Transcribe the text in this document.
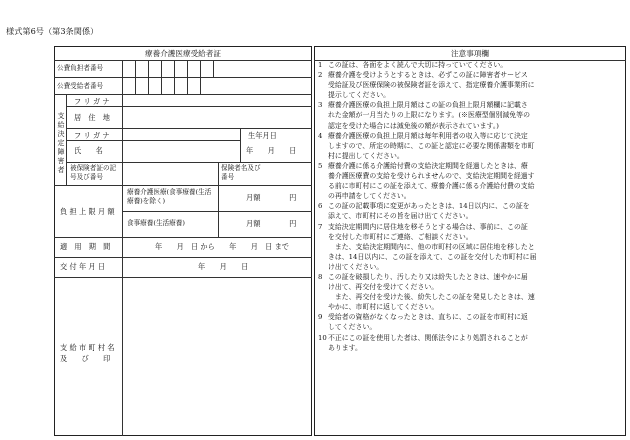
様式第6号（第3条関係）
療養介護医療受給者証
公費負担者番号
公費受給者番号
支給決定障害者
フ リ ガ ナ
居　住　地
フ リ ガ ナ	生年月日
氏　　名	年　　月　　日
被保険者証の記号及び番号
保険者名及び番号
負 担 上 限 月 額
療養介護医療(食事療養(生活療養)を除く)	月額　　　　円
食事療養(生活療養)	月額　　　　円
適　用　期　間	年　　月　日 から　　年　　月　日 まで
交 付 年 月 日	年　　月　　日
支 給 市 町 村 名
及　　び　　印
注意事項欄
1 この証は、各面をよく読んで大切に持っていてください。
2 療養介護を受けようとするときは、必ずこの証に障害者サービス
受給証及び医療保険の被保険者証を添えて、指定療養介護事業所に
提示してください。
3 療養介護医療の負担上限月額はこの証の負担上限月額欄に記載さ
れた金額が一月当たりの上限になります。(※医療型個別減免等の
認定を受けた場合には減免後の額が表示されています。)
4 療養介護医療の負担上限月額は毎年利用者の収入等に応じて決定
しますので、所定の時期に、この証と認定に必要な関係書類を市町
村に提出してください。
5 療養介護に係る介護給付費の支給決定期間を経過したときは、療
養介護医療費の支給を受けられませんので、支給決定期間を経過す
る前に市町村にこの証を添えて、療養介護に係る介護給付費の支給
の再申請をしてください。
6 この証の記載事項に変更があったときは、14日以内に、この証を
添えて、市町村にその旨を届け出てください。
7 支給決定期間内に居住地を移そうとする場合は、事前に、この証
を交付した市町村にご連絡、ご相談ください。
　また、支給決定期間内に、他の市町村の区域に居住地を移したと
きは、14日以内に、この証を添えて、この証を交付した市町村に届
け出てください。
8 この証を破損したり、汚したり又は紛失したときは、速やかに届
け出て、再交付を受けてください。
　また、再交付を受けた後、紛失したこの証を発見したときは、速
やかに、市町村に返してください。
9 受給者の資格がなくなったときは、直ちに、この証を市町村に返
してください。
10 不正にこの証を使用した者は、関係法令により処罰されることが
あります。
